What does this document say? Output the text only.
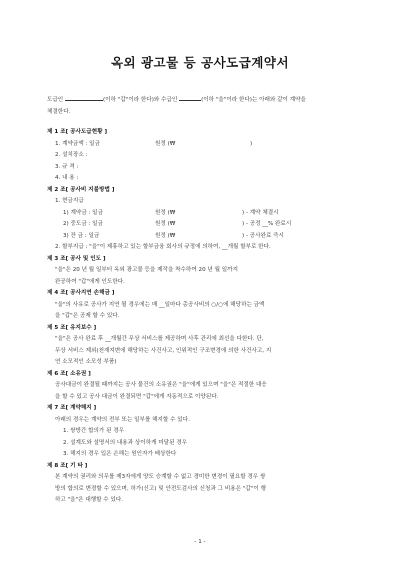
옥외 광고물 등 공사도급계약서
도급인	(이하 "갑"이라 한다)와 수급인	(이하 "을"이라 한다)는 아래와 같이 계약을
체결한다.
제 1 조[ 공사도급현황 ]
1. 계약금액 : 일금	원정 (₩	)
2. 설치장소 :
3. 규 격 :
4. 내 용 :
제 2 조[ 공사비 지불방법 ]
1. 현금지급
1) 계약금 : 일금	원정 (₩	) - 계약 체결시
2) 중도금 : 일금	원정 (₩	) - 공정 __% 완료시
3) 잔 금 : 일금	원정 (₩	) - 공사완료 즉시
2. 할부지급 : "을"이 제휴하고 있는 할부금융 회사의 규정에 의하여, __개월 할부로 한다.
제 3 조[ 공사 및 인도 ]
"을"은 20 년 월 일부터 옥외 광고물 등을 제작을 착수하여 20 년 월 일까지
완공하여 "갑"에게 인도한다.
제 4 조[ 공사지연 손해금 ]
"을"의 사유로 공사가 지연 될 경우에는 매 __일마다 총공사비의 ○/○에 해당하는 금액
을 "갑"은 공제 할 수 있다.
제 5 조[ 유지보수 ]
"을"은 공사 완료 후 __개월간 무상 서비스를 제공하며 사후 관리에 최선을 다한다. 단,
무상 서비스 제외(천재지변에 해당하는 사건사고, 인위적인 구조변경에 의한 사건사고, 지
연 소모적인 소모성 부품)
제 6 조[ 소유권 ]
공사대금이 완결될 때까지는 공사 물건의 소유권은 "을"에게 있으며 "을"은 적절한 대응
을 할 수 있고 공사 대금이 완결되면 "갑"에게 자동적으로 이양된다.
제 7 조[ 계약해지 ]
아래의 경우는 계약의 전부 또는 일부를 해지할 수 있다.
1. 쌍방간 합의가 된 경우
2. 설계도와 설명서의 내용과 상이하게 미달된 경우
3. 해지의 경우 입은 손해는 원인자가 배상한다
제 8 조[ 기 타 ]
본 계약의 권리와 의무를 제3자에게 양도 승계할 수 없고 경미한 변경이 필요할 경우 쌍
방의 합의로 변경할 수 있으며, 허가(신고) 및 안전도검사의 신청과 그 비용은 "갑"이 행
하고 "을"은 대행할 수 있다.
- 1 -
